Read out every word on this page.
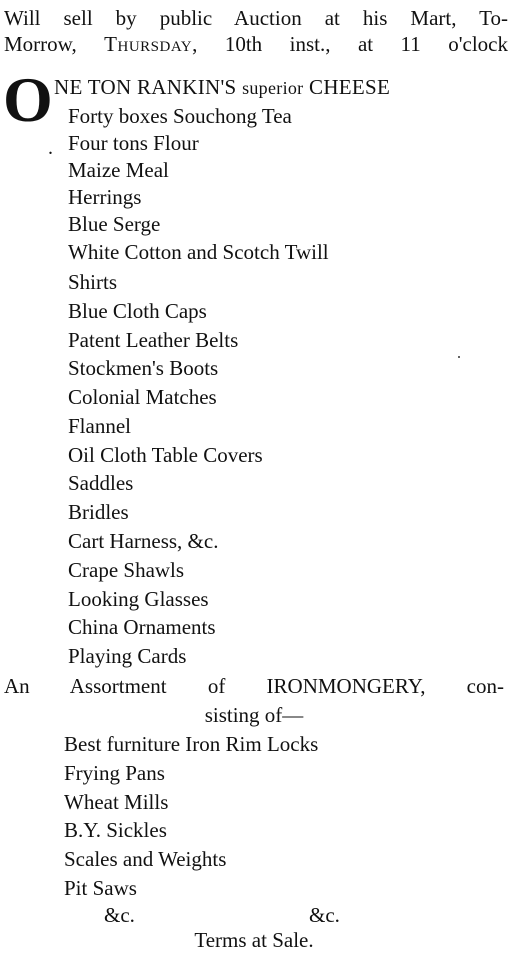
Will sell by public Auction at his Mart, To-
Morrow, Thursday, 10th inst., at 11 o'clock
O NE TON RANKIN'S superior CHEESE
.
Forty boxes Souchong Tea
Four tons Flour
Maize Meal
Herrings
Blue Serge
White Cotton and Scotch Twill
Shirts
Blue Cloth Caps
Patent Leather Belts
Stockmen's Boots
Colonial Matches
Flannel
Oil Cloth Table Covers
Saddles
Bridles
Cart Harness, &c.
Crape Shawls
Looking Glasses
China Ornaments
Playing Cards
An Assortment of IRONMONGERY, con-
sisting of—
Best furniture Iron Rim Locks
Frying Pans
Wheat Mills
B.Y. Sickles
Scales and Weights
Pit Saws
&c.	&c.
Terms at Sale.
